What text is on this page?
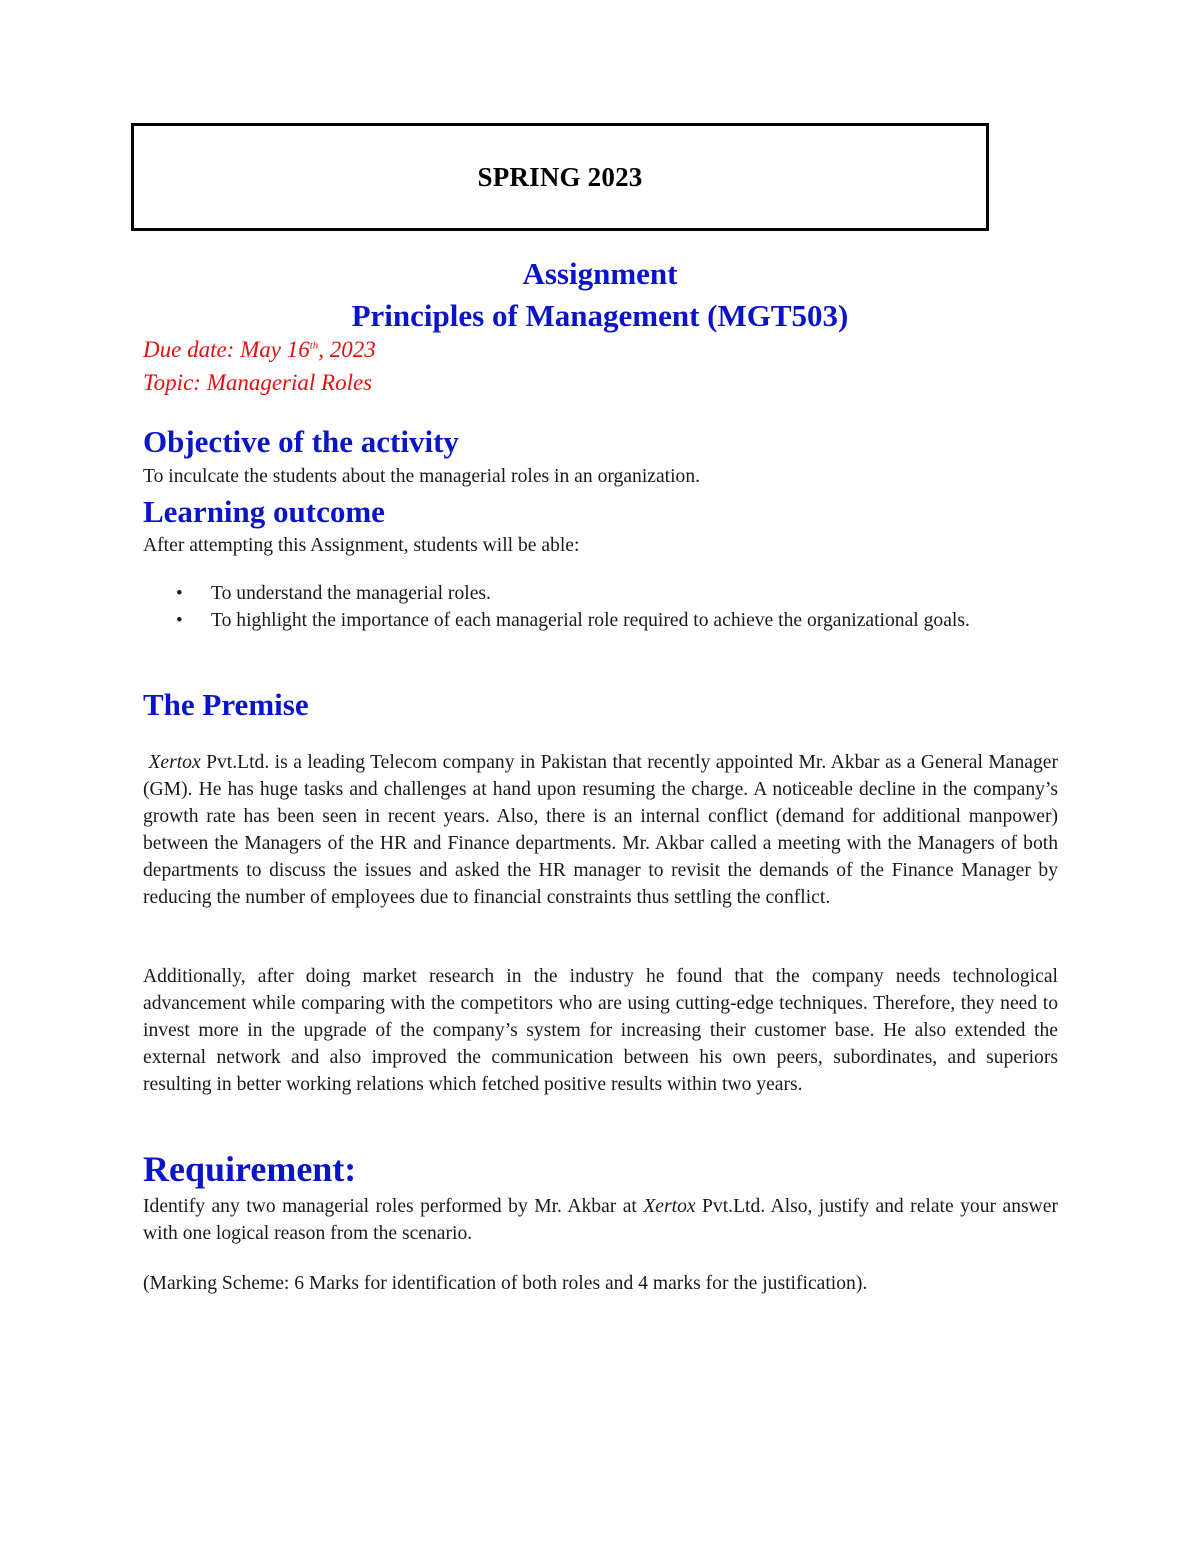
SPRING 2023
Assignment
Principles of Management (MGT503)
Due date: May 16th, 2023
Topic: Managerial Roles
Objective of the activity
To inculcate the students about the managerial roles in an organization.
Learning outcome
After attempting this Assignment, students will be able:
• To understand the managerial roles.
• To highlight the importance of each managerial role required to achieve the organizational goals.
The Premise
Xertox Pvt.Ltd. is a leading Telecom company in Pakistan that recently appointed Mr. Akbar as a General Manager (GM). He has huge tasks and challenges at hand upon resuming the charge. A noticeable decline in the company’s growth rate has been seen in recent years. Also, there is an internal conflict (demand for additional manpower) between the Managers of the HR and Finance departments. Mr. Akbar called a meeting with the Managers of both departments to discuss the issues and asked the HR manager to revisit the demands of the Finance Manager by reducing the number of employees due to financial constraints thus settling the conflict.
Additionally, after doing market research in the industry he found that the company needs technological advancement while comparing with the competitors who are using cutting-edge techniques. Therefore, they need to invest more in the upgrade of the company’s system for increasing their customer base. He also extended the external network and also improved the communication between his own peers, subordinates, and superiors resulting in better working relations which fetched positive results within two years.
Requirement:
Identify any two managerial roles performed by Mr. Akbar at Xertox Pvt.Ltd. Also, justify and relate your answer with one logical reason from the scenario.
(Marking Scheme: 6 Marks for identification of both roles and 4 marks for the justification).
